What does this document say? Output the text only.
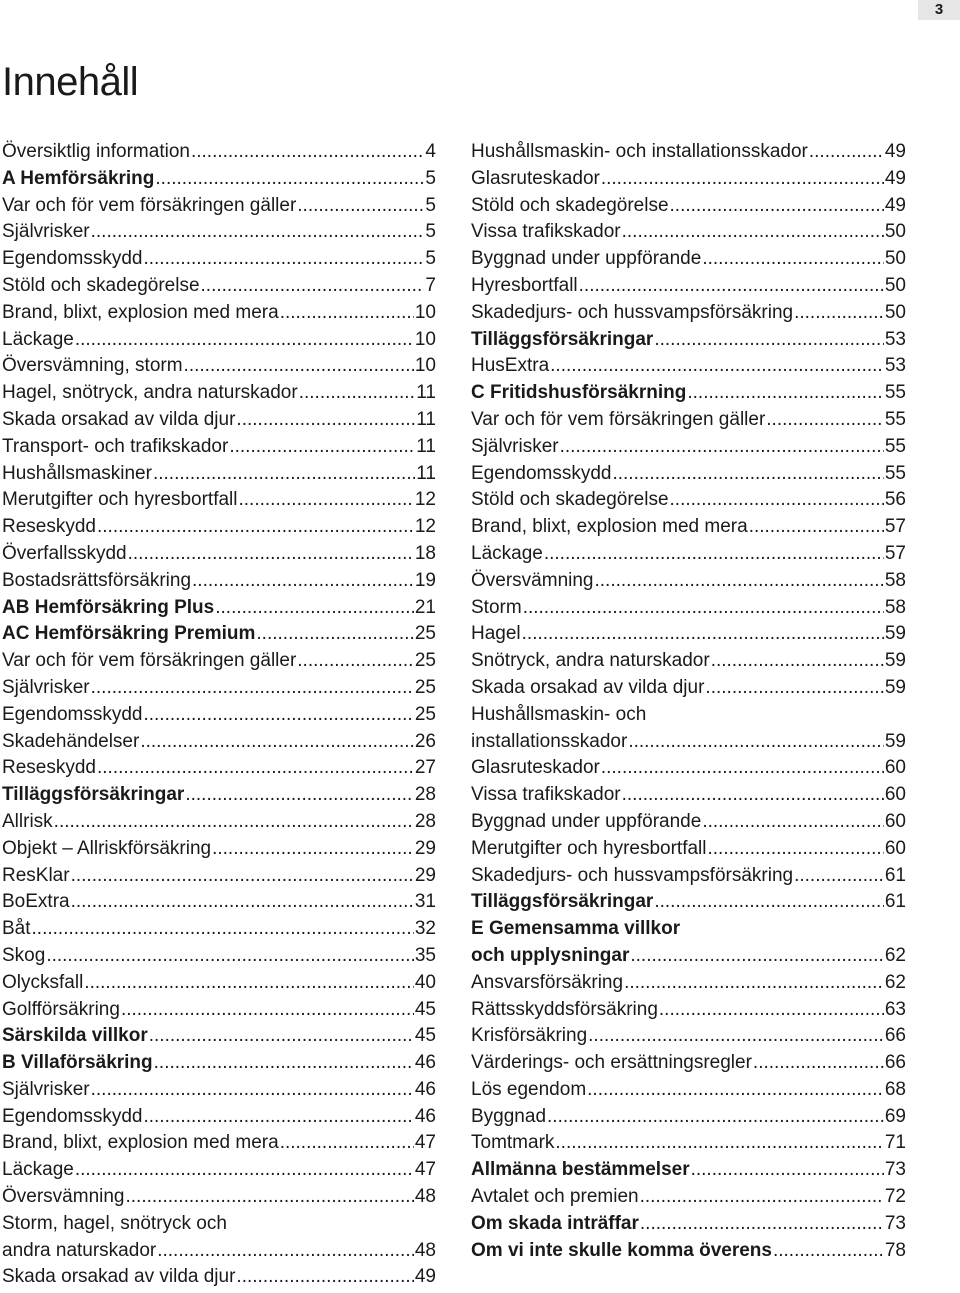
3
Innehåll
Översiktlig information .....	4
A Hemförsäkring .....	5
Var och för vem försäkringen gäller .....	5
Självrisker .....	5
Egendomsskydd .....	5
Stöld och skadegörelse .....	7
Brand, blixt, explosion med mera .....	10
Läckage .....	10
Översvämning, storm .....	10
Hagel, snötryck, andra naturskador .....	11
Skada orsakad av vilda djur .....	11
Transport- och trafikskador .....	11
Hushållsmaskiner .....	11
Merutgifter och hyresbortfall .....	12
Reseskydd .....	12
Överfallsskydd .....	18
Bostadsrättsförsäkring .....	19
AB Hemförsäkring Plus .....	21
AC Hemförsäkring Premium .....	25
Var och för vem försäkringen gäller .....	25
Självrisker .....	25
Egendomsskydd .....	25
Skadehändelser .....	26
Reseskydd .....	27
Tilläggsförsäkringar .....	28
Allrisk .....	28
Objekt – Allriskförsäkring .....	29
ResKlar .....	29
BoExtra .....	31
Båt .....	32
Skog .....	35
Olycksfall .....	40
Golfförsäkring .....	45
Särskilda villkor .....	45
B Villaförsäkring .....	46
Självrisker .....	46
Egendomsskydd .....	46
Brand, blixt, explosion med mera .....	47
Läckage .....	47
Översvämning .....	48
Storm, hagel, snötryck och
andra naturskador .....	48
Skada orsakad av vilda djur .....	49
Hushållsmaskin- och installationsskador .....	49
Glasruteskador .....	49
Stöld och skadegörelse .....	49
Vissa trafikskador .....	50
Byggnad under uppförande .....	50
Hyresbortfall .....	50
Skadedjurs- och hussvampsförsäkring .....	50
Tilläggsförsäkringar .....	53
HusExtra .....	53
C Fritidshusförsäkrning .....	55
Var och för vem försäkringen gäller .....	55
Självrisker .....	55
Egendomsskydd .....	55
Stöld och skadegörelse .....	56
Brand, blixt, explosion med mera .....	57
Läckage .....	57
Översvämning .....	58
Storm .....	58
Hagel .....	59
Snötryck, andra naturskador .....	59
Skada orsakad av vilda djur .....	59
Hushållsmaskin- och
installationsskador .....	59
Glasruteskador .....	60
Vissa trafikskador .....	60
Byggnad under uppförande .....	60
Merutgifter och hyresbortfall .....	60
Skadedjurs- och hussvampsförsäkring .....	61
Tilläggsförsäkringar .....	61
E Gemensamma villkor
och upplysningar .....	62
Ansvarsförsäkring .....	62
Rättsskyddsförsäkring .....	63
Krisförsäkring .....	66
Värderings- och ersättningsregler .....	66
Lös egendom .....	68
Byggnad .....	69
Tomtmark .....	71
Allmänna bestämmelser .....	73
Avtalet och premien .....	72
Om skada inträffar .....	73
Om vi inte skulle komma överens .....	78
